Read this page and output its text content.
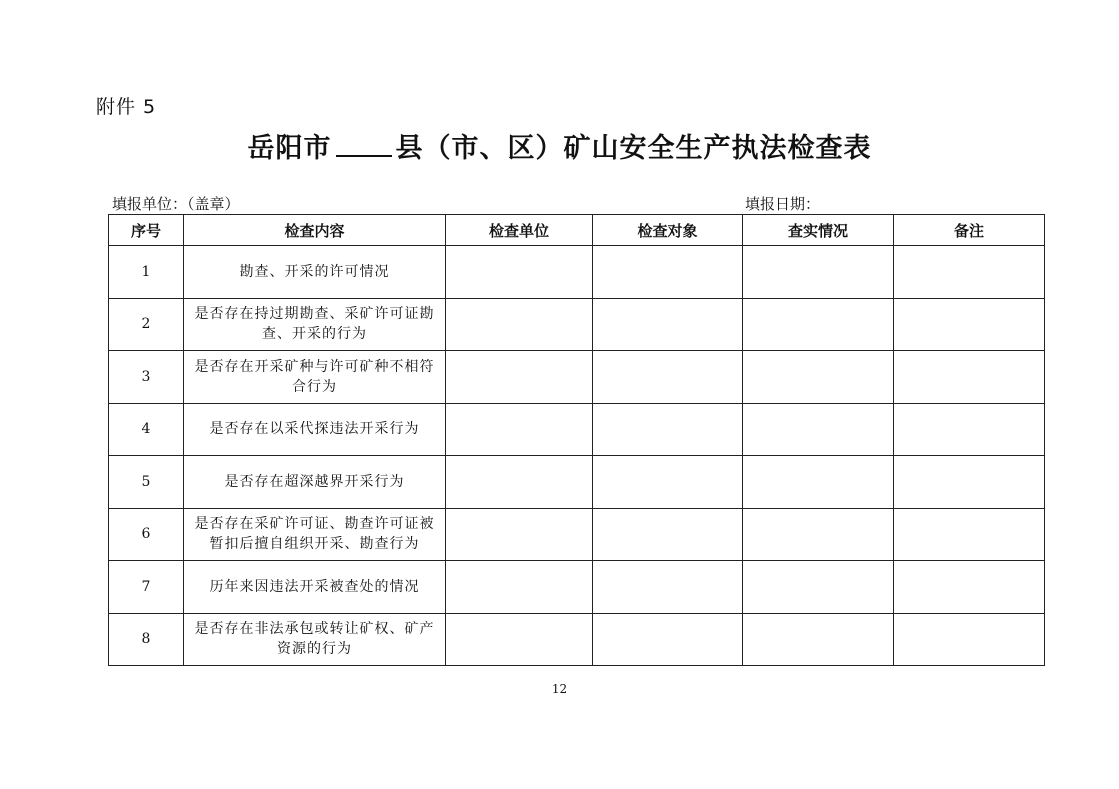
附件 5
岳阳市 县（市、区）矿山安全生产执法检查表
填报单位：（盖章）	填报日期：
序号	检查内容	检查单位	检查对象	查实情况	备注
1	勘查、开采的许可情况				
2	是否存在持过期勘查、采矿许可证勘查、开采的行为				
3	是否存在开采矿种与许可矿种不相符合行为				
4	是否存在以采代探违法开采行为				
5	是否存在超深越界开采行为				
6	是否存在采矿许可证、勘查许可证被暂扣后擅自组织开采、勘查行为				
7	历年来因违法开采被查处的情况				
8	是否存在非法承包或转让矿权、矿产资源的行为				
12
